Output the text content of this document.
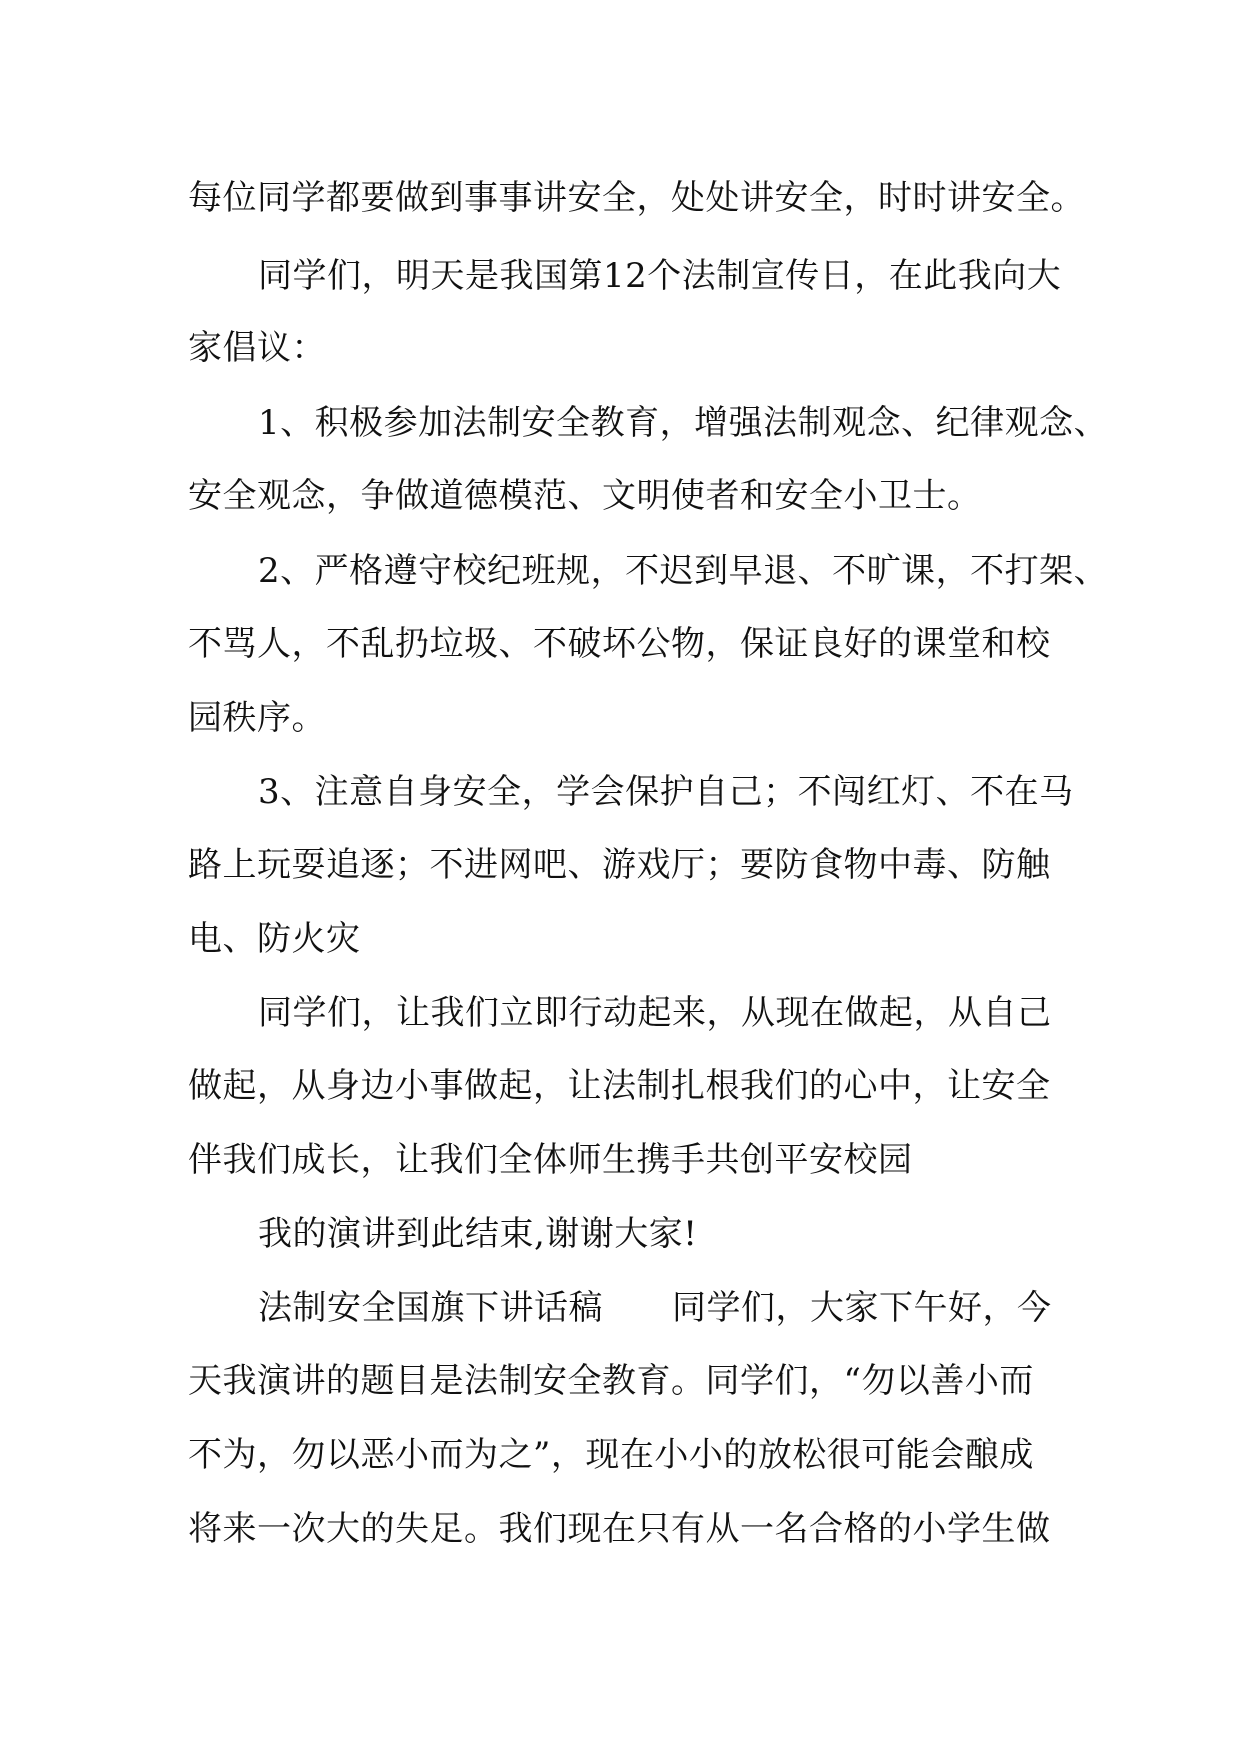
每位同学都要做到事事讲安全，处处讲安全，时时讲安全。
同学们，明天是我国第12个法制宣传日，在此我向大
家倡议：
1、积极参加法制安全教育，增强法制观念、纪律观念、
安全观念，争做道德模范、文明使者和安全小卫士。
2、严格遵守校纪班规，不迟到早退、不旷课，不打架、
不骂人，不乱扔垃圾、不破坏公物，保证良好的课堂和校
园秩序。
3、注意自身安全，学会保护自己；不闯红灯、不在马
路上玩耍追逐；不进网吧、游戏厅；要防食物中毒、防触
电、防火灾
同学们，让我们立即行动起来，从现在做起，从自己
做起，从身边小事做起，让法制扎根我们的心中，让安全
伴我们成长，让我们全体师生携手共创平安校园
我的演讲到此结束,谢谢大家!
法制安全国旗下讲话稿　　同学们，大家下午好，今
天我演讲的题目是法制安全教育。同学们，“勿以善小而
不为，勿以恶小而为之”，现在小小的放松很可能会酿成
将来一次大的失足。我们现在只有从一名合格的小学生做
